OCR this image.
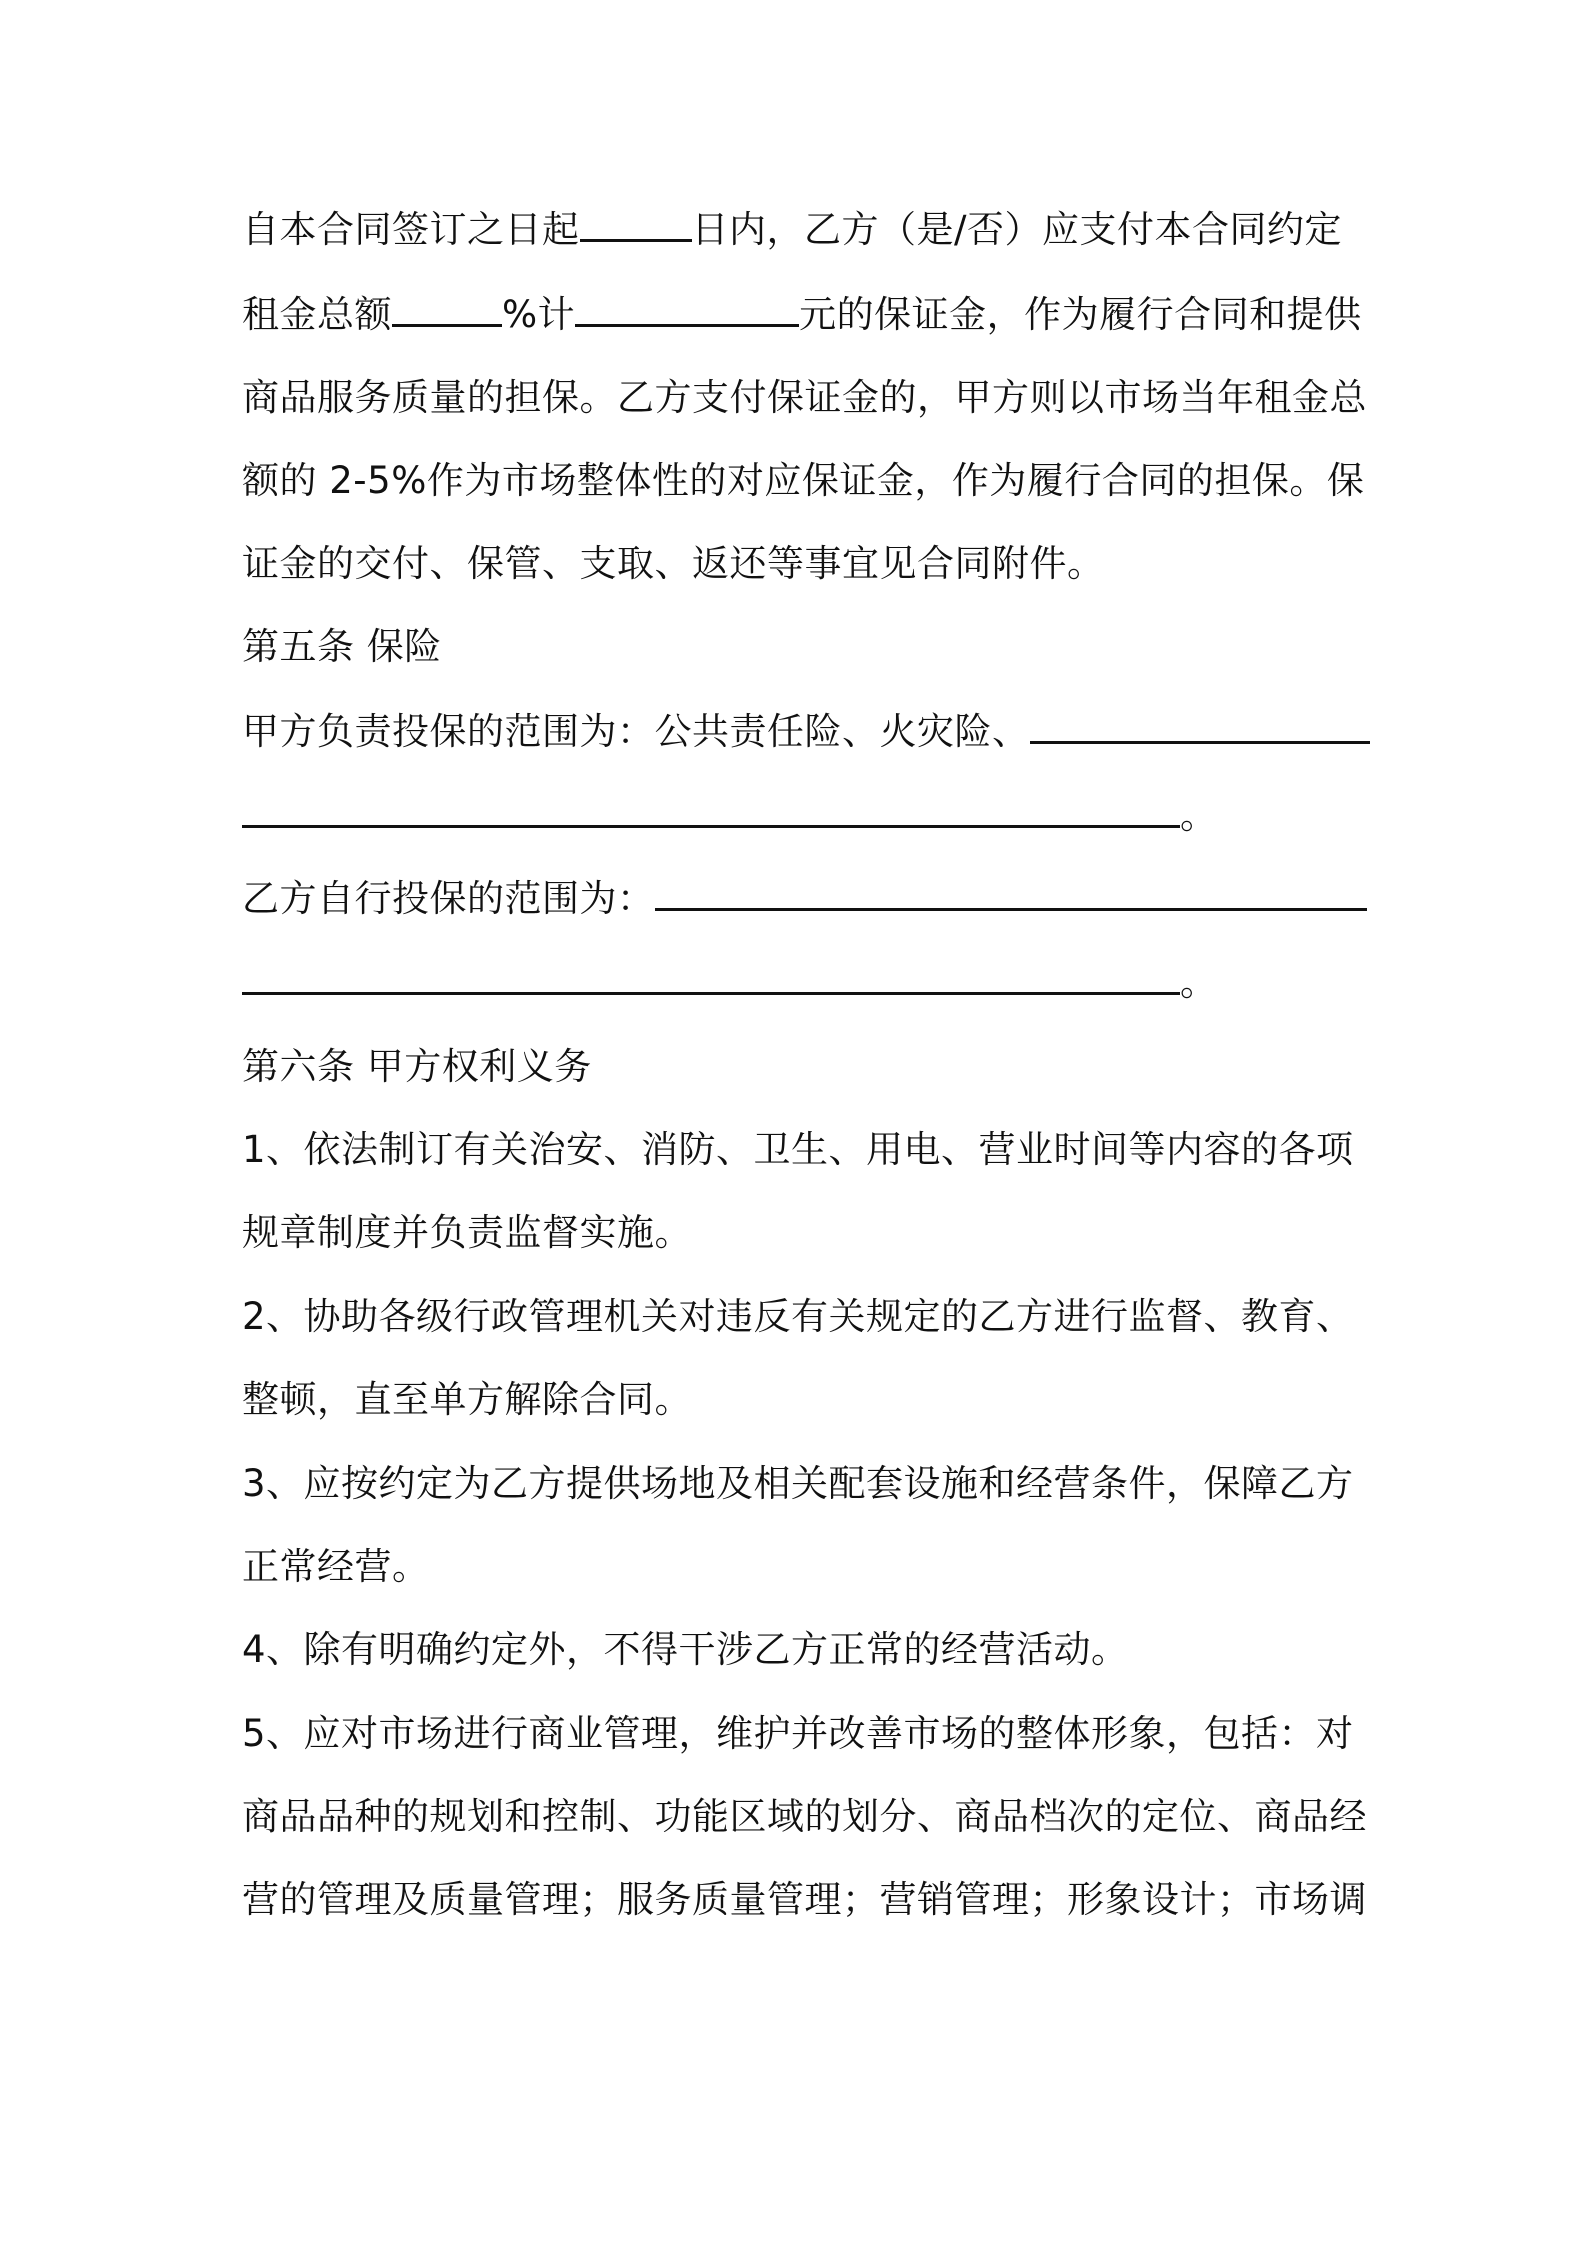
自本合同签订之日起	日内，乙方（是/否）应支付本合同约定
租金总额	%计	元的保证金，作为履行合同和提供
商品服务质量的担保。乙方支付保证金的，甲方则以市场当年租金总
额的 2-5%作为市场整体性的对应保证金，作为履行合同的担保。保
证金的交付、保管、支取、返还等事宜见合同附件。
第五条 保险
甲方负责投保的范围为：公共责任险、火灾险、
。
乙方自行投保的范围为：
。
第六条 甲方权利义务
1、依法制订有关治安、消防、卫生、用电、营业时间等内容的各项
规章制度并负责监督实施。
2、协助各级行政管理机关对违反有关规定的乙方进行监督、教育、
整顿，直至单方解除合同。
3、应按约定为乙方提供场地及相关配套设施和经营条件，保障乙方
正常经营。
4、除有明确约定外，不得干涉乙方正常的经营活动。
5、应对市场进行商业管理，维护并改善市场的整体形象，包括：对
商品品种的规划和控制、功能区域的划分、商品档次的定位、商品经
营的管理及质量管理；服务质量管理；营销管理；形象设计；市场调
